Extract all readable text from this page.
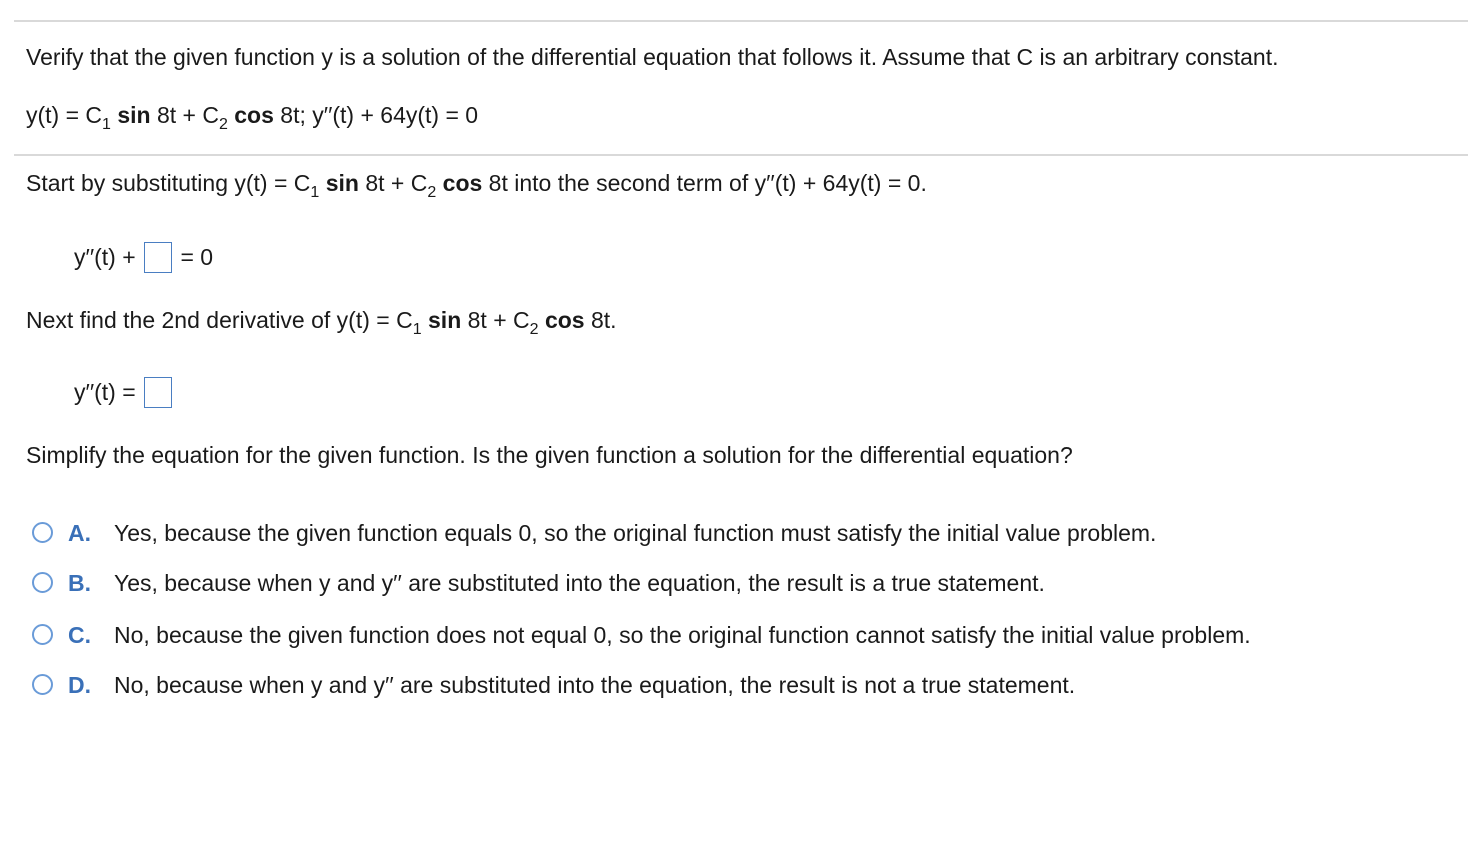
Verify that the given function y is a solution of the differential equation that follows it. Assume that C is an arbitrary constant.
$y(t) = C_1$ $\sin 8t + C_2$ cos 8t; y′′(t) + 64y(t) = 0
Start by substituting $y(t) = C_1$ $\sin 8t + C_2$ cos 8t into the second term of y′′(t) + 64y(t) = 0.
y′′(t) + = 0
Next find the 2nd derivative of $y(t) = C_1$ $\sin 8t + C_2$ cos 8t.
y′′(t) =
Simplify the equation for the given function. Is the given function a solution for the differential equation?
A. Yes, because the given function equals 0, so the original function must satisfy the initial value problem.
B. Yes, because when y and y′′ are substituted into the equation, the result is a true statement.
C. No, because the given function does not equal 0, so the original function cannot satisfy the initial value problem.
D. No, because when y and y′′ are substituted into the equation, the result is not a true statement.
